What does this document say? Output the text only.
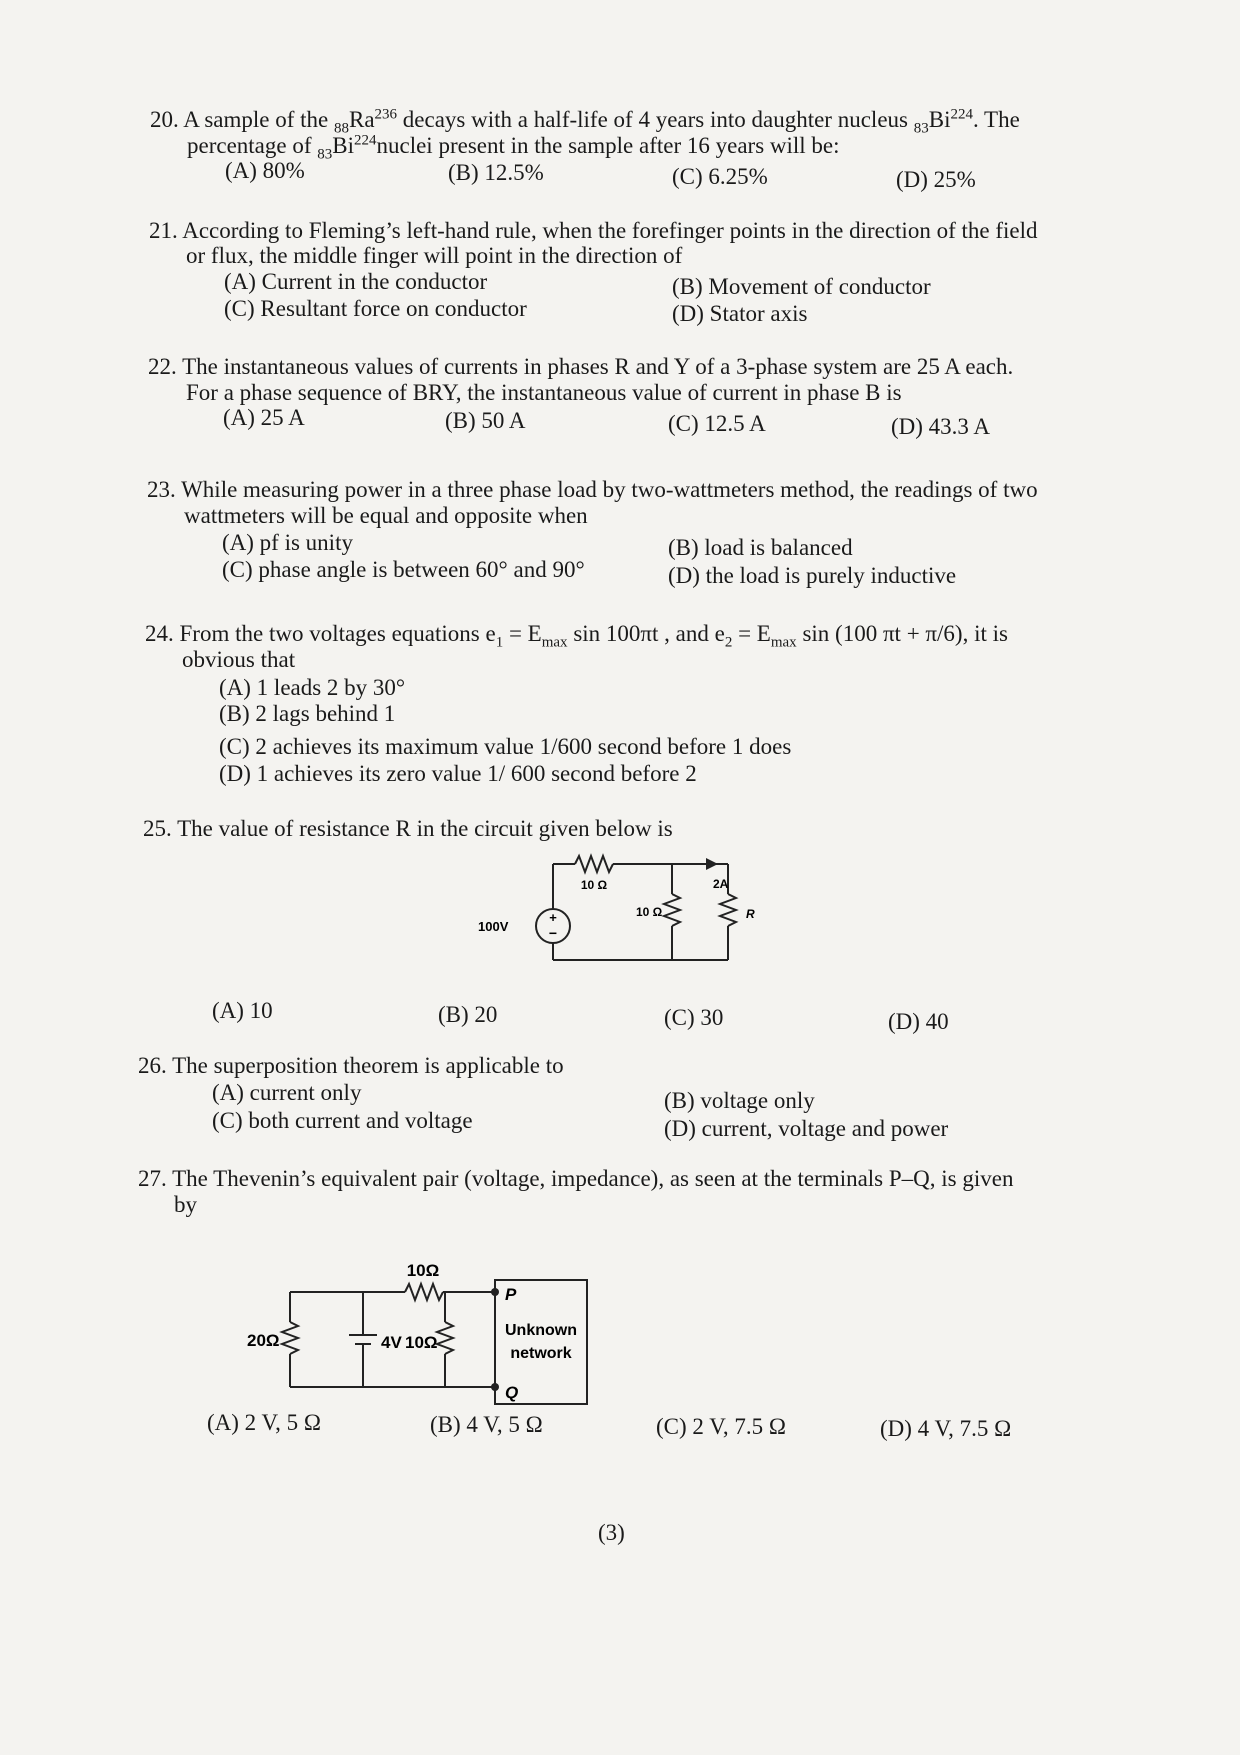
20. A sample of the $_{88}Ra^{236}$ decays with a half-life of 4 years into daughter nucleus $_{83}Bi^{224}$. The
percentage of $_{83}Bi^{224}nuclei$ present in the sample after 16 years will be:
(A) 80%	(B) 12.5%	(C) 6.25%	(D) 25%
21. According to Fleming’s left-hand rule, when the forefinger points in the direction of the field
or flux, the middle finger will point in the direction of
(A) Current in the conductor	(B) Movement of conductor
(C) Resultant force on conductor	(D) Stator axis
22. The instantaneous values of currents in phases R and Y of a 3-phase system are 25 A each.
For a phase sequence of BRY, the instantaneous value of current in phase B is
(A) 25 A	(B) 50 A	(C) 12.5 A	(D) 43.3 A
23. While measuring power in a three phase load by two-wattmeters method, the readings of two
wattmeters will be equal and opposite when
(A) pf is unity	(B) load is balanced
(C) phase angle is between 60° and 90°	(D) the load is purely inductive
24. From the two voltages equations $e_1 = E_{max}$ sin 100πt , and $e_2 = E_{max}$ sin (100 πt + π/6), it is
obvious that
(A) 1 leads 2 by 30°
(B) 2 lags behind 1
(C) 2 achieves its maximum value 1/600 second before 1 does
(D) 1 achieves its zero value 1/ 600 second before 2
25. The value of resistance R in the circuit given below is
+
−
100V
10 Ω	2A
10 Ω	R
(A) 10	(B) 20	(C) 30	(D) 40
26. The superposition theorem is applicable to
(A) current only	(B) voltage only
(C) both current and voltage	(D) current, voltage and power
27. The Thevenin’s equivalent pair (voltage, impedance), as seen at the terminals P–Q, is given
by
10Ω
20Ω	4V 10Ω
P
Unknown
network
Q
(A) 2 V, 5 Ω	(B) 4 V, 5 Ω	(C) 2 V, 7.5 Ω	(D) 4 V, 7.5 Ω
(3)
